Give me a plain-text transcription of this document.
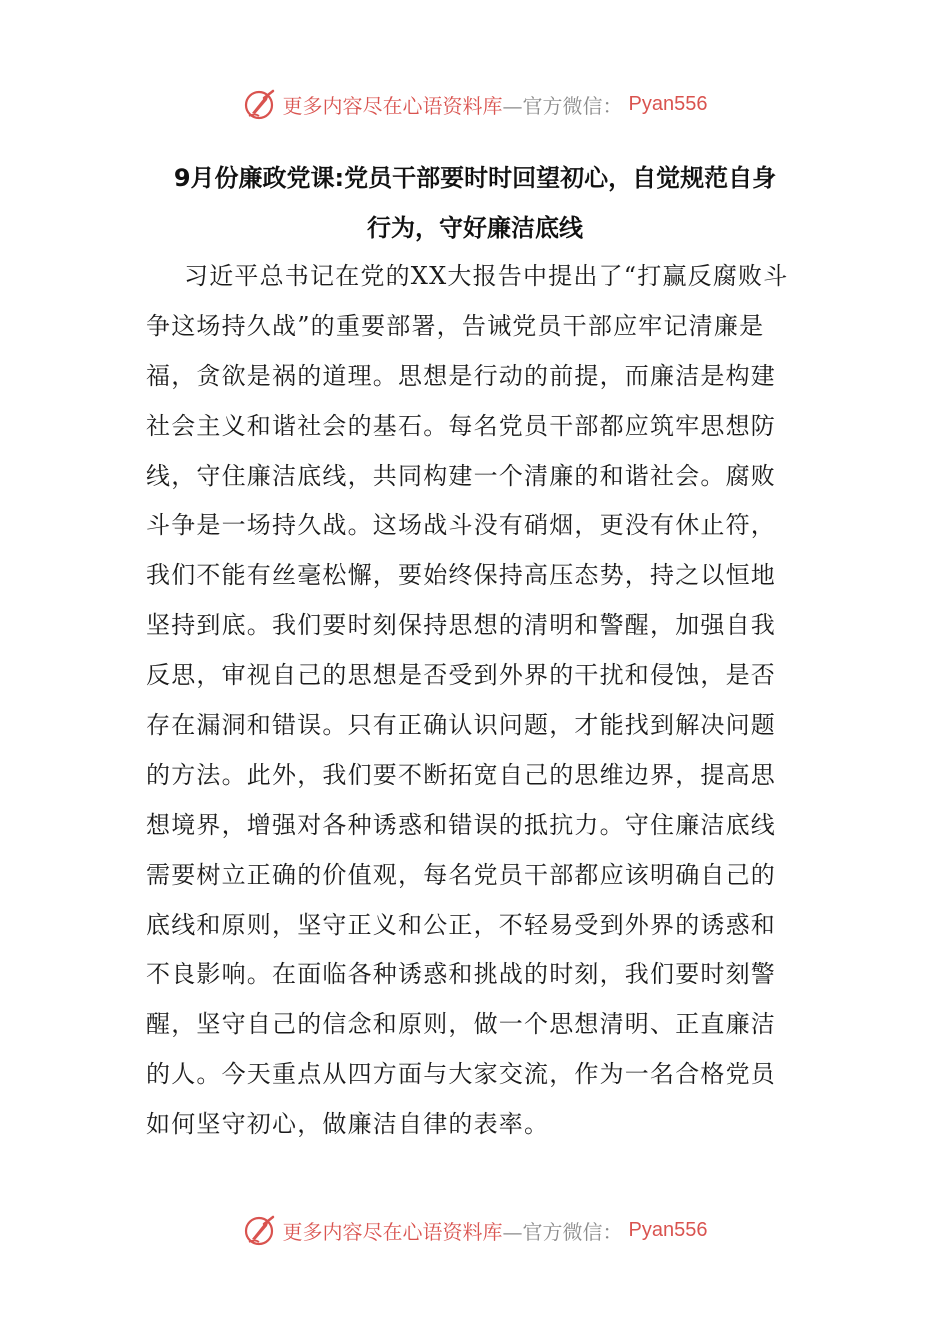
更多内容尽在心语资料库 —官方微信： Pyan556
9月份廉政党课:党员干部要时时回望初心，自觉规范自身
行为，守好廉洁底线
习近平总书记在党的XX大报告中提出了“打赢反腐败斗
争这场持久战”的重要部署，告诫党员干部应牢记清廉是
福，贪欲是祸的道理。思想是行动的前提，而廉洁是构建
社会主义和谐社会的基石。每名党员干部都应筑牢思想防
线，守住廉洁底线，共同构建一个清廉的和谐社会。腐败
斗争是一场持久战。这场战斗没有硝烟，更没有休止符，
我们不能有丝毫松懈，要始终保持高压态势，持之以恒地
坚持到底。我们要时刻保持思想的清明和警醒，加强自我
反思，审视自己的思想是否受到外界的干扰和侵蚀，是否
存在漏洞和错误。只有正确认识问题，才能找到解决问题
的方法。此外，我们要不断拓宽自己的思维边界，提高思
想境界，增强对各种诱惑和错误的抵抗力。守住廉洁底线
需要树立正确的价值观，每名党员干部都应该明确自己的
底线和原则，坚守正义和公正，不轻易受到外界的诱惑和
不良影响。在面临各种诱惑和挑战的时刻，我们要时刻警
醒，坚守自己的信念和原则，做一个思想清明、正直廉洁
的人。今天重点从四方面与大家交流，作为一名合格党员
如何坚守初心，做廉洁自律的表率。
更多内容尽在心语资料库 —官方微信： Pyan556
